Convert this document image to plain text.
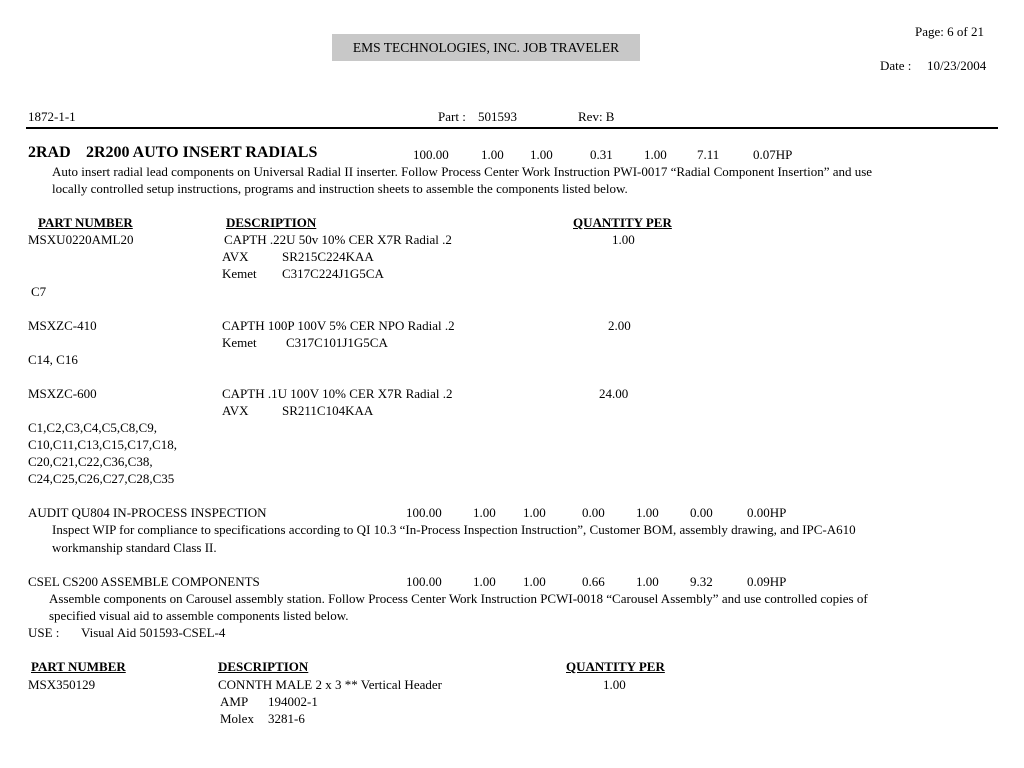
Page: 6 of 21
EMS TECHNOLOGIES, INC. JOB TRAVELER
Date : 10/23/2004
1872-1-1	Part : 501593	Rev: B
2RAD 2R200 AUTO INSERT RADIALS	100.00 1.00 1.00	0.31 1.00 7.11	0.07HP
Auto insert radial lead components on Universal Radial II inserter. Follow Process Center Work Instruction PWI-0017 “Radial Component Insertion” and use
locally controlled setup instructions, programs and instruction sheets to assemble the components listed below.
PART NUMBER	DESCRIPTION	QUANTITY PER
MSXU0220AML20	CAPTH .22U 50v 10% CER X7R Radial .2	1.00
AVX	SR215C224KAA
Kemet C317C224J1G5CA
C7
MSXZC-410	CAPTH 100P 100V 5% CER NPO Radial .2	2.00
Kemet C317C101J1G5CA
C14, C16
MSXZC-600	CAPTH .1U 100V 10% CER X7R Radial .2	24.00
AVX	SR211C104KAA
C1,C2,C3,C4,C5,C8,C9,
C10,C11,C13,C15,C17,C18,
C20,C21,C22,C36,C38,
C24,C25,C26,C27,C28,C35
AUDIT QU804 IN-PROCESS INSPECTION	100.00 1.00 1.00	0.00 1.00 0.00	0.00HP
Inspect WIP for compliance to specifications according to QI 10.3 “In-Process Inspection Instruction”, Customer BOM, assembly drawing, and IPC-A610
workmanship standard Class II.
CSEL CS200 ASSEMBLE COMPONENTS	100.00 1.00 1.00	0.66 1.00 9.32	0.09HP
Assemble components on Carousel assembly station. Follow Process Center Work Instruction PCWI-0018 “Carousel Assembly” and use controlled copies of
specified visual aid to assemble components listed below.
USE : Visual Aid 501593-CSEL-4
PART NUMBER	DESCRIPTION	QUANTITY PER
MSX350129	CONNTH MALE 2 x 3 ** Vertical Header	1.00
AMP 194002-1
Molex 3281-6
